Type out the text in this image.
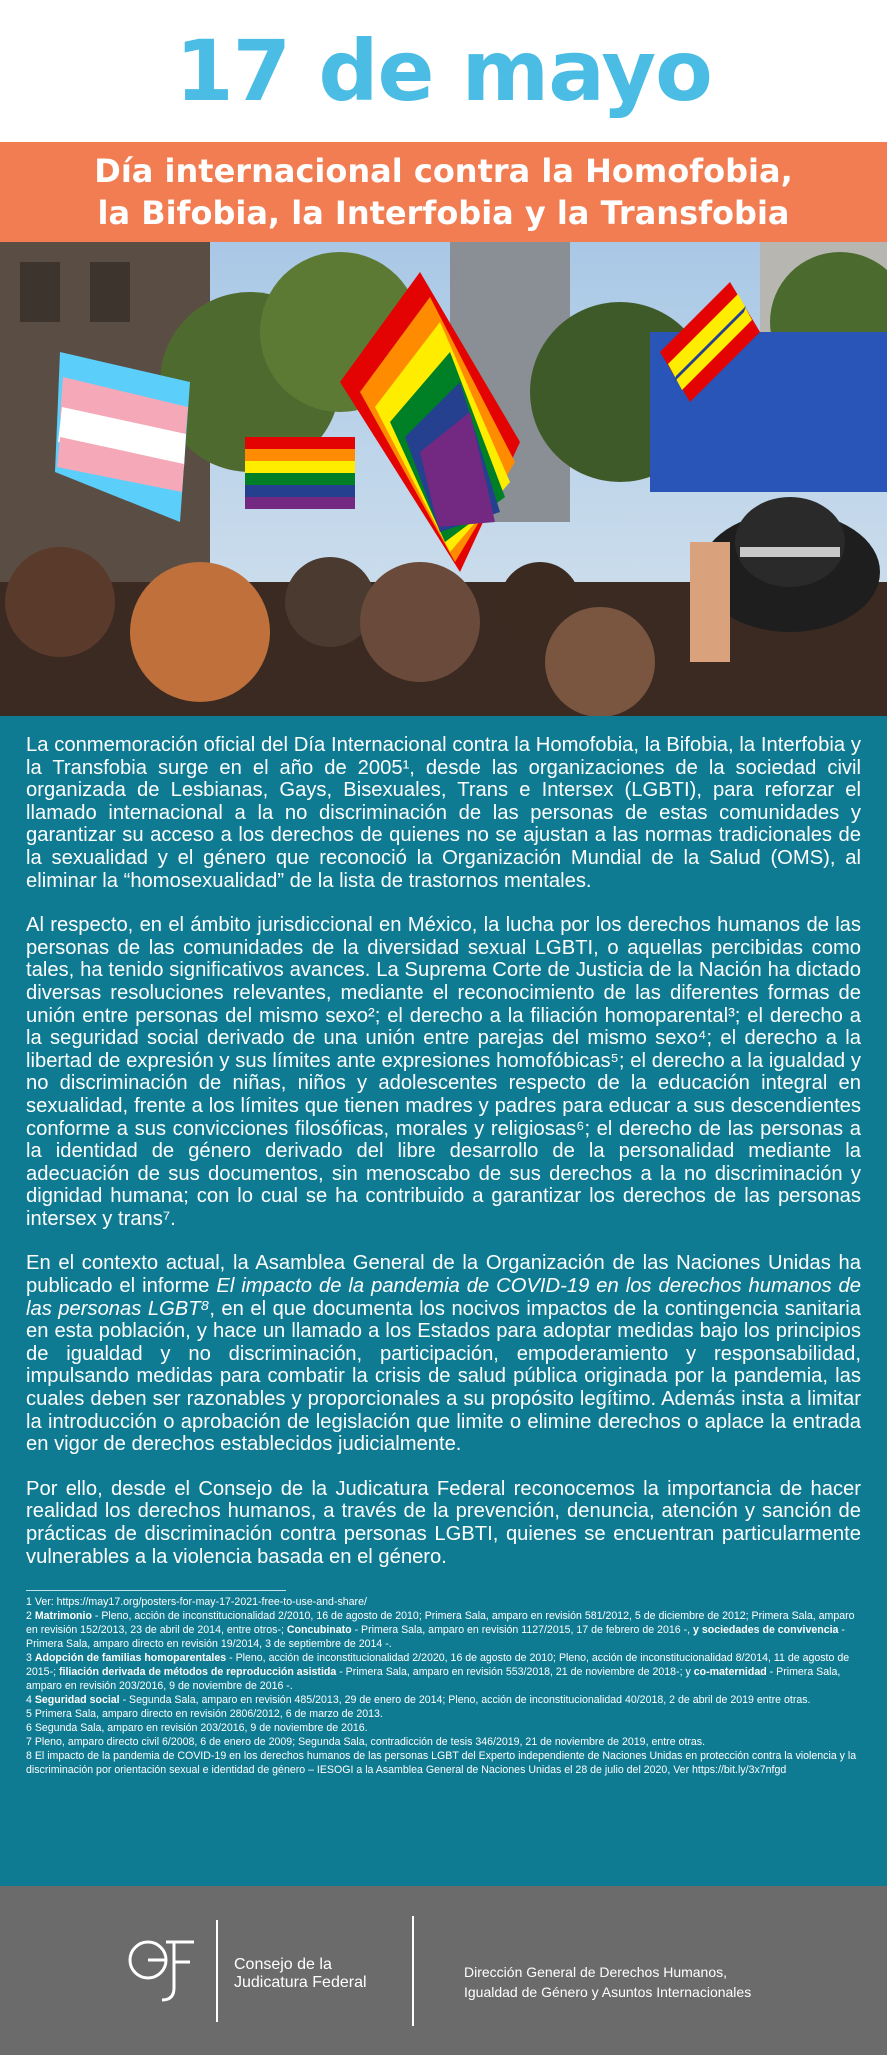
17 de mayo
Día internacional contra la Homofobia,
la Bifobia, la Interfobia y la Transfobia

La conmemoración oficial del Día Internacional contra la Homofobia, la Bifobia, la Interfobia y la Transfobia surge en el año de 2005¹, desde las organizaciones de la sociedad civil organizada de Lesbianas, Gays, Bisexuales, Trans e Intersex (LGBTI), para reforzar el llamado internacional a la no discriminación de las personas de estas comunidades y garantizar su acceso a los derechos de quienes no se ajustan a las normas tradicionales de la sexualidad y el género que reconoció la Organización Mundial de la Salud (OMS), al eliminar la “homosexualidad” de la lista de trastornos mentales.

Al respecto, en el ámbito jurisdiccional en México, la lucha por los derechos humanos de las personas de las comunidades de la diversidad sexual LGBTI, o aquellas percibidas como tales, ha tenido significativos avances. La Suprema Corte de Justicia de la Nación ha dictado diversas resoluciones relevantes, mediante el reconocimiento de las diferentes formas de unión entre personas del mismo sexo²; el derecho a la filiación homoparental³; el derecho a la seguridad social derivado de una unión entre parejas del mismo sexo⁴; el derecho a la libertad de expresión y sus límites ante expresiones homofóbicas⁵; el derecho a la igualdad y no discriminación de niñas, niños y adolescentes respecto de la educación integral en sexualidad, frente a los límites que tienen madres y padres para educar a sus descendientes conforme a sus convicciones filosóficas, morales y religiosas⁶; el derecho de las personas a la identidad de género derivado del libre desarrollo de la personalidad mediante la adecuación de sus documentos, sin menoscabo de sus derechos a la no discriminación y dignidad humana; con lo cual se ha contribuido a garantizar los derechos de las personas intersex y trans⁷.

En el contexto actual, la Asamblea General de la Organización de las Naciones Unidas ha publicado el informe El impacto de la pandemia de COVID-19 en los derechos humanos de las personas LGBT⁸, en el que documenta los nocivos impactos de la contingencia sanitaria en esta población, y hace un llamado a los Estados para adoptar medidas bajo los principios de igualdad y no discriminación, participación, empoderamiento y responsabilidad, impulsando medidas para combatir la crisis de salud pública originada por la pandemia, las cuales deben ser razonables y proporcionales a su propósito legítimo. Además insta a limitar la introducción o aprobación de legislación que limite o elimine derechos o aplace la entrada en vigor de derechos establecidos judicialmente.

Por ello, desde el Consejo de la Judicatura Federal reconocemos la importancia de hacer realidad los derechos humanos, a través de la prevención, denuncia, atención y sanción de prácticas de discriminación contra personas LGBTI, quienes se encuentran particularmente vulnerables a la violencia basada en el género.

1 Ver: https://may17.org/posters-for-may-17-2021-free-to-use-and-share/
2 Matrimonio - Pleno, acción de inconstitucionalidad 2/2010, 16 de agosto de 2010; Primera Sala, amparo en revisión 581/2012, 5 de diciembre de 2012; Primera Sala, amparo en revisión 152/2013, 23 de abril de 2014, entre otros-; Concubinato - Primera Sala, amparo en revisión 1127/2015, 17 de febrero de 2016 -, y sociedades de convivencia - Primera Sala, amparo directo en revisión 19/2014, 3 de septiembre de 2014 -.
3 Adopción de familias homoparentales - Pleno, acción de inconstitucionalidad 2/2020, 16 de agosto de 2010; Pleno, acción de inconstitucionalidad 8/2014, 11 de agosto de 2015-; filiación derivada de métodos de reproducción asistida - Primera Sala, amparo en revisión 553/2018, 21 de noviembre de 2018-; y co-maternidad - Primera Sala, amparo en revisión 203/2016, 9 de noviembre de 2016 -.
4 Seguridad social - Segunda Sala, amparo en revisión 485/2013, 29 de enero de 2014; Pleno, acción de inconstitucionalidad 40/2018, 2 de abril de 2019 entre otras.
5 Primera Sala, amparo directo en revisión 2806/2012, 6 de marzo de 2013.
6 Segunda Sala, amparo en revisión 203/2016, 9 de noviembre de 2016.
7 Pleno, amparo directo civil 6/2008, 6 de enero de 2009; Segunda Sala, contradicción de tesis 346/2019, 21 de noviembre de 2019, entre otras.
8 El impacto de la pandemia de COVID-19 en los derechos humanos de las personas LGBT del Experto independiente de Naciones Unidas en protección contra la violencia y la discriminación por orientación sexual e identidad de género – IESOGI a la Asamblea General de Naciones Unidas el 28 de julio del 2020, Ver https://bit.ly/3x7nfgd
Consejo de la
Judicatura Federal
Dirección General de Derechos Humanos,
Igualdad de Género y Asuntos Internacionales
